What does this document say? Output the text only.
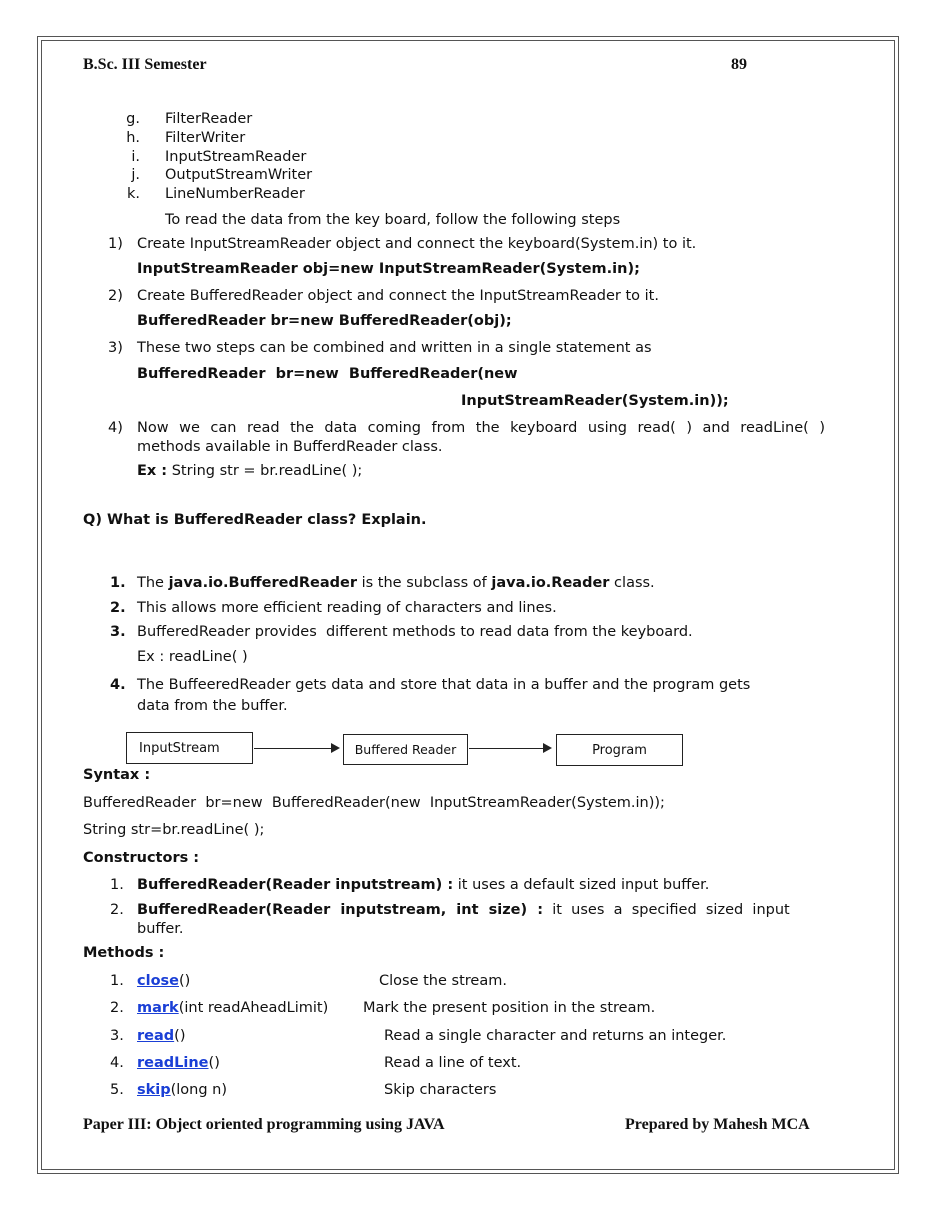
B.Sc. III Semester	89
g. FilterReader
h. FilterWriter
i. InputStreamReader
j. OutputStreamWriter
k. LineNumberReader
To read the data from the key board, follow the following steps
1) Create InputStreamReader object and connect the keyboard(System.in) to it.
InputStreamReader obj=new InputStreamReader(System.in);
2) Create BufferedReader object and connect the InputStreamReader to it.
BufferedReader br=new BufferedReader(obj);
3) These two steps can be combined and written in a single statement as
BufferedReader  br=new  BufferedReader(new
InputStreamReader(System.in));
4) Now we can read the data coming from the keyboard using read( ) and readLine( )
methods available in BufferdReader class.
Ex : String str = br.readLine( );
Q) What is BufferedReader class? Explain.
1. The java.io.BufferedReader is the subclass of java.io.Reader class.
2. This allows more efficient reading of characters and lines.
3. BufferedReader provides  different methods to read data from the keyboard.
Ex : readLine( )
4. The BuffeeredReader gets data and store that data in a buffer and the program gets
data from the buffer.
InputStream	Buffered Reader	Program
Syntax :
BufferedReader  br=new  BufferedReader(new  InputStreamReader(System.in));
String str=br.readLine( );
Constructors :
1. BufferedReader(Reader inputstream) : it uses a default sized input buffer.
2. BufferedReader(Reader  inputstream,  int  size)  :  it  uses  a  specified  sized  input
buffer.
Methods :
1. close()	Close the stream.
2. mark(int readAheadLimit) Mark the present position in the stream.
3. read()	Read a single character and returns an integer.
4. readLine()	Read a line of text.
5. skip(long n)	Skip characters
Paper III: Object oriented programming using JAVA	Prepared by Mahesh MCA
